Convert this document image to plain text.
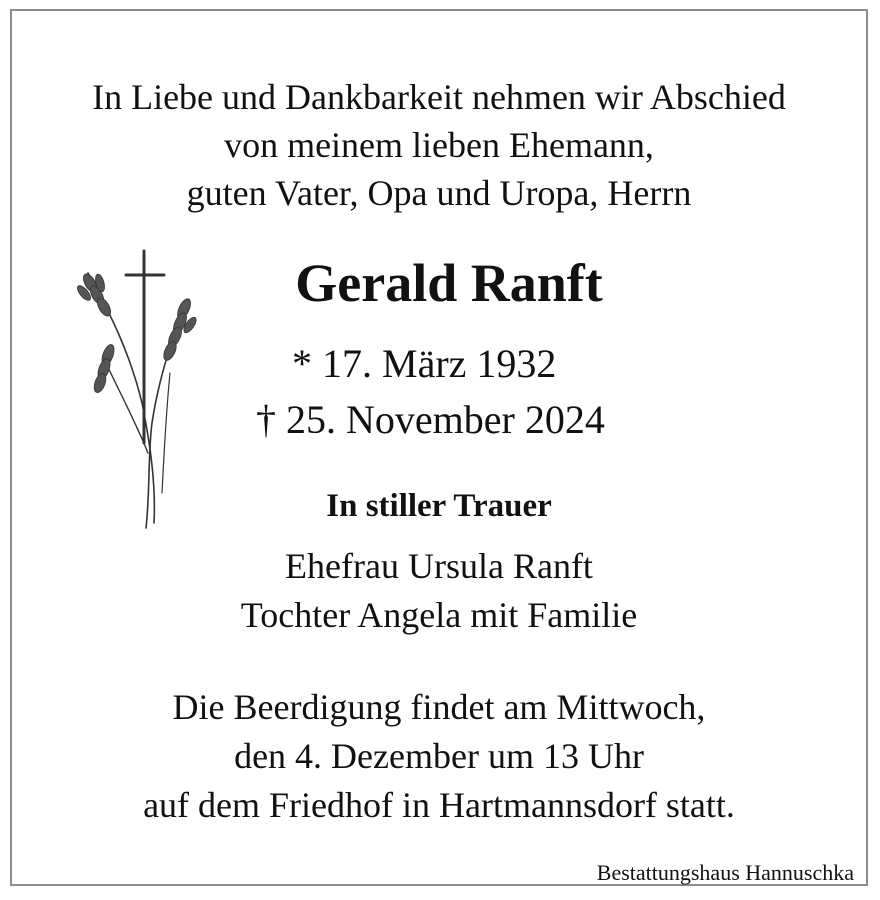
In Liebe und Dankbarkeit nehmen wir Abschied

von meinem lieben Ehemann,

guten Vater, Opa und Uropa, Herrn

Gerald Ranft

* 17. März 1932
† 25. November 2024

In stiller Trauer

Ehefrau Ursula Ranft

Tochter Angela mit Familie

Die Beerdigung findet am Mittwoch,

den 4. Dezember um 13 Uhr

auf dem Friedhof in Hartmannsdorf statt.

Bestattungshaus Hannuschka
